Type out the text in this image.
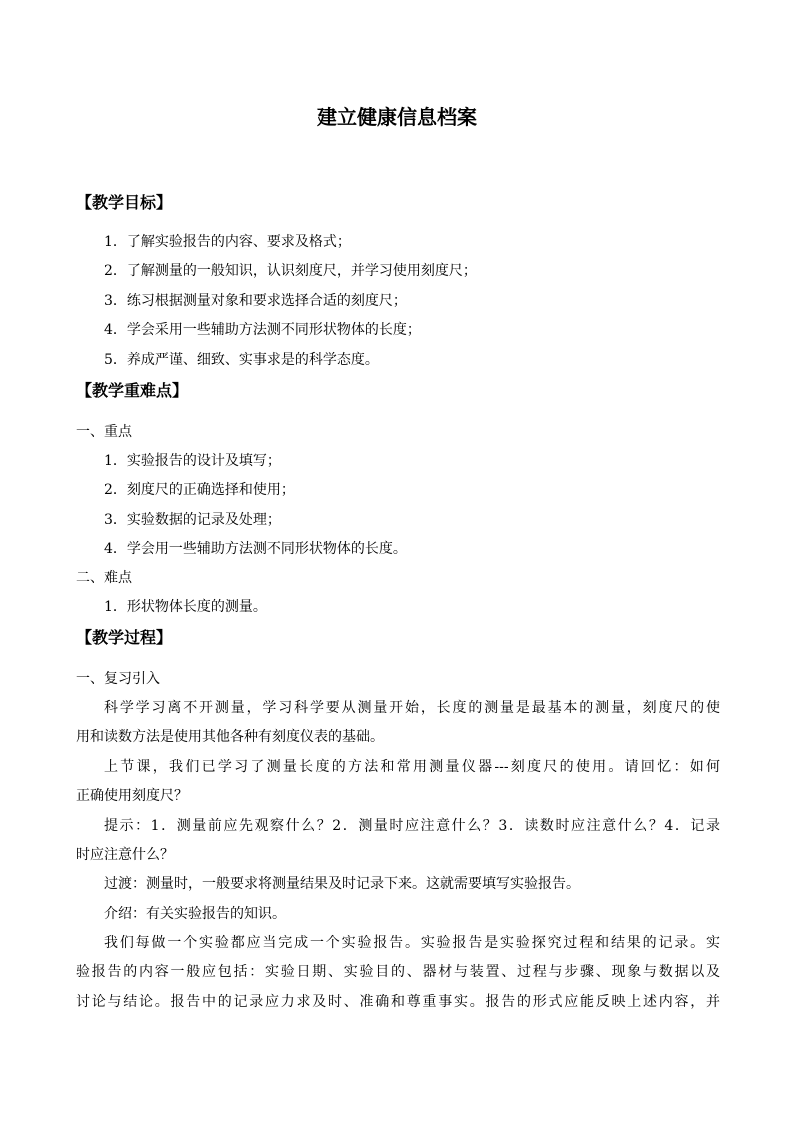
建立健康信息档案
【教学目标】
1．了解实验报告的内容、要求及格式；
2．了解测量的一般知识，认识刻度尺，并学习使用刻度尺；
3．练习根据测量对象和要求选择合适的刻度尺；
4．学会采用一些辅助方法测不同形状物体的长度；
5．养成严谨、细致、实事求是的科学态度。
【教学重难点】
一、重点
1．实验报告的设计及填写；
2．刻度尺的正确选择和使用；
3．实验数据的记录及处理；
4．学会用一些辅助方法测不同形状物体的长度。
二、难点
1．形状物体长度的测量。
【教学过程】
一、复习引入
科学学习离不开测量，学习科学要从测量开始，长度的测量是最基本的测量，刻度尺的使
用和读数方法是使用其他各种有刻度仪表的基础。
上节课，我们已学习了测量长度的方法和常用测量仪器---刻度尺的使用。请回忆：如何
正确使用刻度尺？
提示：1．测量前应先观察什么？2．测量时应注意什么？3．读数时应注意什么？4．记录
时应注意什么？
过渡：测量时，一般要求将测量结果及时记录下来。这就需要填写实验报告。
介绍：有关实验报告的知识。
我们每做一个实验都应当完成一个实验报告。实验报告是实验探究过程和结果的记录。实
验报告的内容一般应包括：实验日期、实验目的、器材与装置、过程与步骤、现象与数据以及
讨论与结论。报告中的记录应力求及时、准确和尊重事实。报告的形式应能反映上述内容，并
